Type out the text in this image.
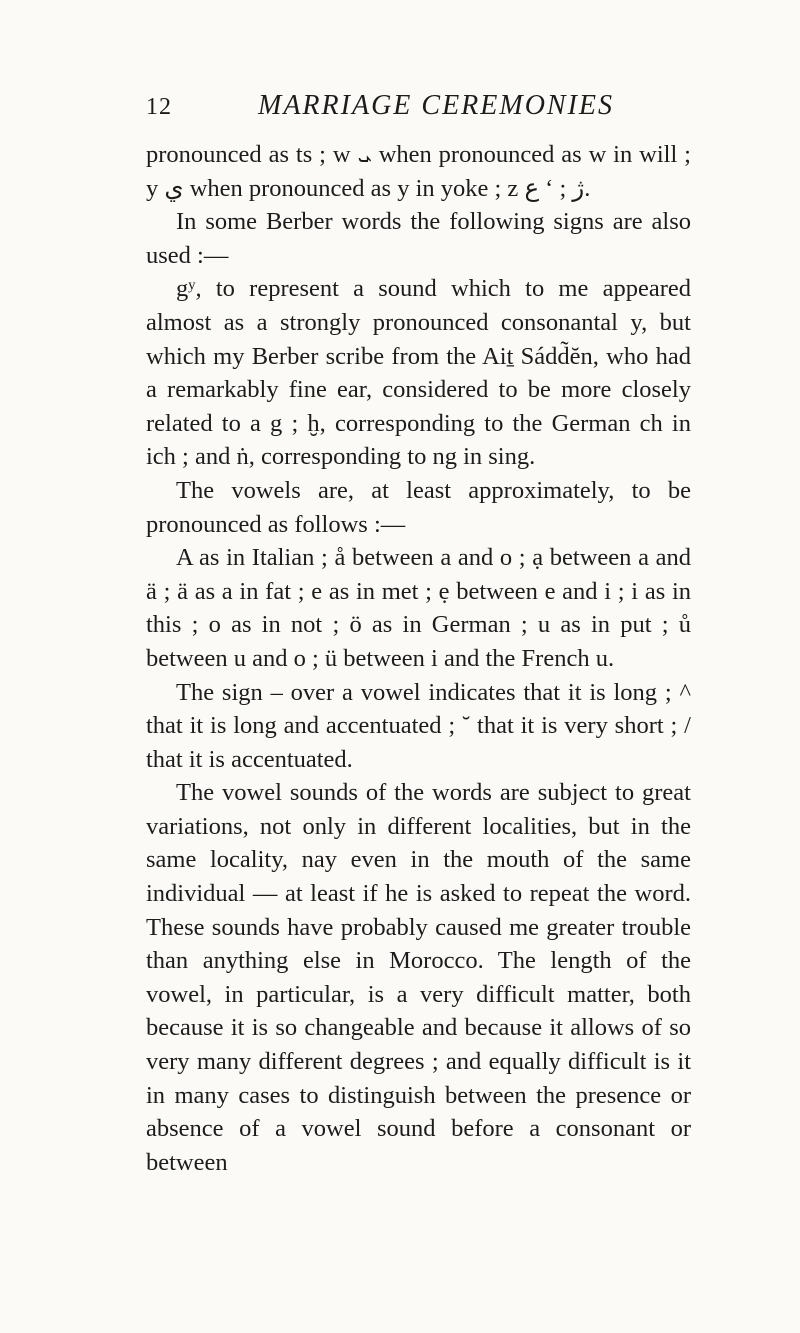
12	MARRIAGE CEREMONIES

pronounced as ts ; w ܝ when pronounced as w in will ; y ي when pronounced as y in yoke ; z ژ ; ‘ ع.

In some Berber words the following signs are also used :—

gʸ, to represent a sound which to me appeared almost as a strongly pronounced consonantal y, but which my Berber scribe from the Aiṯ Sádd̃ĕn, who had a remarkably fine ear, considered to be more closely related to a g ; ḫ, corresponding to the German ch in ich ; and ṅ, corresponding to ng in sing.

The vowels are, at least approximately, to be pronounced as follows :—

A as in Italian ; å between a and o ; ạ between a and ä ; ä as a in fat ; e as in met ; ẹ between e and i ; i as in this ; o as in not ; ö as in German ; u as in put ; ů between u and o ; ü between i and the French u.

The sign – over a vowel indicates that it is long ; ^ that it is long and accentuated ; ˘ that it is very short ; / that it is accentuated.

The vowel sounds of the words are subject to great variations, not only in different localities, but in the same locality, nay even in the mouth of the same individual — at least if he is asked to repeat the word. These sounds have probably caused me greater trouble than anything else in Morocco. The length of the vowel, in particular, is a very difficult matter, both because it is so changeable and because it allows of so very many different degrees ; and equally difficult is it in many cases to distinguish between the presence or absence of a vowel sound before a consonant or between
